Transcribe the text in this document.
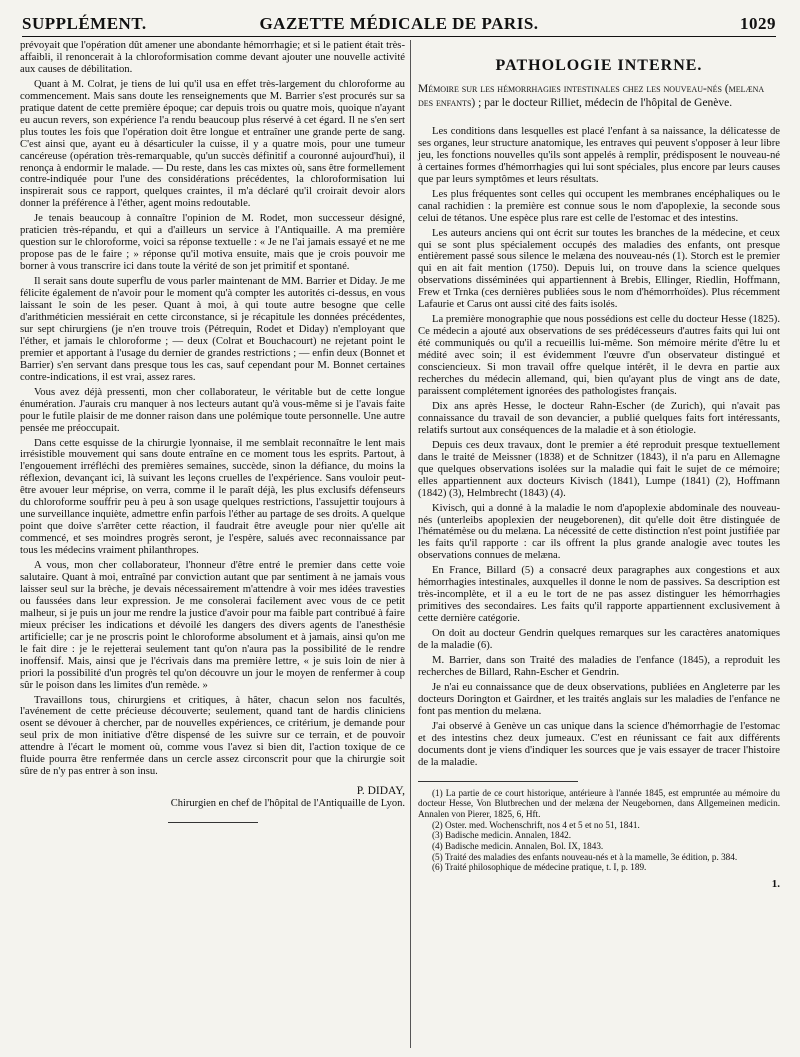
SUPPLÉMENT.	GAZETTE MÉDICALE DE PARIS.	1029

prévoyait que l'opération dût amener une abondante hémorrhagie; et si le patient était très-affaibli, il renoncerait à la chloroformisation comme devant ajouter une nouvelle activité aux causes de débilitation.

Quant à M. Colrat, je tiens de lui qu'il usa en effet très-largement du chloroforme au commencement. Mais sans doute les renseignements que M. Barrier s'est procurés sur sa pratique datent de cette première époque; car depuis trois ou quatre mois, quoique n'ayant eu aucun revers, son expérience l'a rendu beaucoup plus réservé à cet égard. Il ne s'en sert plus toutes les fois que l'opération doit être longue et entraîner une grande perte de sang. C'est ainsi que, ayant eu à désarticuler la cuisse, il y a quatre mois, pour une tumeur cancéreuse (opération très-remarquable, qu'un succès définitif a couronné aujourd'hui), il renonça à endormir le malade. — Du reste, dans les cas mixtes où, sans être formellement contre-indiquée pour l'une des considérations précédentes, la chloroformisation lui inspirerait sous ce rapport, quelques craintes, il m'a déclaré qu'il croirait devoir alors donner la préférence à l'éther, agent moins redoutable.

Je tenais beaucoup à connaître l'opinion de M. Rodet, mon successeur désigné, praticien très-répandu, et qui a d'ailleurs un service à l'Antiquaille. A ma première question sur le chloroforme, voici sa réponse textuelle : « Je ne l'ai jamais essayé et ne me propose pas de le faire ; » réponse qu'il motiva ensuite, mais que je crois pouvoir me borner à vous transcrire ici dans toute la vérité de son jet primitif et spontané.

Il serait sans doute superflu de vous parler maintenant de MM. Barrier et Diday. Je me félicite également de n'avoir pour le moment qu'à compter les autorités ci-dessus, en vous laissant le soin de les peser. Quant à moi, à qui toute autre besogne que celle d'arithméticien messiérait en cette circonstance, si je récapitule les données précédentes, sur sept chirurgiens (je n'en trouve trois (Pétrequin, Rodet et Diday) n'employant que l'éther, et jamais le chloroforme ; — deux (Colrat et Bouchacourt) ne rejetant point le premier et apportant à l'usage du dernier de grandes restrictions ; — enfin deux (Bonnet et Barrier) s'en servant dans presque tous les cas, sauf cependant pour M. Bonnet certaines contre-indications, il est vrai, assez rares.

Vous avez déjà pressenti, mon cher collaborateur, le véritable but de cette longue énumération. J'aurais cru manquer à nos lecteurs autant qu'à vous-même si je l'avais faite pour le futile plaisir de me donner raison dans une polémique toute personnelle. Une autre pensée me préoccupait.

Dans cette esquisse de la chirurgie lyonnaise, il me semblait reconnaître le lent mais irrésistible mouvement qui sans doute entraîne en ce moment tous les esprits. Partout, à l'engouement irréfléchi des premières semaines, succède, sinon la défiance, du moins la réflexion, devançant ici, là suivant les leçons cruelles de l'expérience. Sans vouloir peut-être avouer leur méprise, on verra, comme il le paraît déjà, les plus exclusifs défenseurs du chloroforme souffrir peu à peu à son usage quelques restrictions, l'assujettir toujours à une surveillance inquiète, admettre enfin parfois l'éther au partage de ses droits. A quelque point que doive s'arrêter cette réaction, il faudrait être aveugle pour nier qu'elle ait commencé, et ses moindres progrès seront, je l'espère, salués avec reconnaissance par tous les médecins vraiment philanthropes.

A vous, mon cher collaborateur, l'honneur d'être entré le premier dans cette voie salutaire. Quant à moi, entraîné par conviction autant que par sentiment à ne jamais vous laisser seul sur la brèche, je devais nécessairement m'attendre à voir mes idées travesties ou faussées dans leur expression. Je me consolerai facilement avec vous de ce petit malheur, si je puis un jour me rendre la justice d'avoir pour ma faible part contribué à faire mieux préciser les indications et dévoilé les dangers des divers agents de l'anesthésie artificielle; car je ne proscris point le chloroforme absolument et à jamais, ainsi qu'on me le fait dire : je le rejetterai seulement tant qu'on n'aura pas la possibilité de le rendre inoffensif. Mais, ainsi que je l'écrivais dans ma première lettre, « je suis loin de nier à priori la possibilité d'un progrès tel qu'on découvre un jour le moyen de renfermer à coup sûr le poison dans les limites d'un remède. »

Travaillons tous, chirurgiens et critiques, à hâter, chacun selon nos facultés, l'avénement de cette précieuse découverte; seulement, quand tant de hardis cliniciens osent se dévouer à chercher, par de nouvelles expériences, ce critérium, je demande pour seul prix de mon initiative d'être dispensé de les suivre sur ce terrain, et de pouvoir attendre à l'écart le moment où, comme vous l'avez si bien dit, l'action toxique de ce fluide pourra être renfermée dans un cercle assez circonscrit pour que la chirurgie soit sûre de n'y pas entrer à son insu.

P. DIDAY,
Chirurgien en chef de l'hôpital de l'Antiquaille de Lyon.
PATHOLOGIE INTERNE.

Mémoire sur les hémorrhagies intestinales chez les nouveau-nés (melæna des enfants) ; par le docteur Rilliet, médecin de l'hôpital de Genève.

Les conditions dans lesquelles est placé l'enfant à sa naissance, la délicatesse de ses organes, leur structure anatomique, les entraves qui peuvent s'opposer à leur libre jeu, les fonctions nouvelles qu'ils sont appelés à remplir, prédisposent le nouveau-né à certaines formes d'hémorrhagies qui lui sont spéciales, plus encore par leurs causes que par leurs symptômes et leurs résultats.

Les plus fréquentes sont celles qui occupent les membranes encéphaliques ou le canal rachidien : la première est connue sous le nom d'apoplexie, la seconde sous celui de tétanos. Une espèce plus rare est celle de l'estomac et des intestins.

Les auteurs anciens qui ont écrit sur toutes les branches de la médecine, et ceux qui se sont plus spécialement occupés des maladies des enfants, ont presque entièrement passé sous silence le melæna des nouveau-nés (1). Storch est le premier qui en ait fait mention (1750). Depuis lui, on trouve dans la science quelques observations disséminées qui appartiennent à Brebis, Ellinger, Riedlin, Hoffmann, Frew et Trnka (ces dernières publiées sous le nom d'hémorrhoïdes). Plus récemment Lafaurie et Carus ont aussi cité des faits isolés.

La première monographie que nous possédions est celle du docteur Hesse (1825). Ce médecin a ajouté aux observations de ses prédécesseurs d'autres faits qui lui ont été communiqués ou qu'il a recueillis lui-même. Son mémoire mérite d'être lu et médité avec soin; il est évidemment l'œuvre d'un observateur distingué et consciencieux. Si mon travail offre quelque intérêt, il le devra en partie aux recherches du médecin allemand, qui, bien qu'ayant plus de vingt ans de date, paraissent complétement ignorées des pathologistes français.

Dix ans après Hesse, le docteur Rahn-Escher (de Zurich), qui n'avait pas connaissance du travail de son devancier, a publié quelques faits fort intéressants, relatifs surtout aux conséquences de la maladie et à son étiologie.

Depuis ces deux travaux, dont le premier a été reproduit presque textuellement dans le traité de Meissner (1838) et de Schnitzer (1843), il n'a paru en Allemagne que quelques observations isolées sur la maladie qui fait le sujet de ce mémoire; elles appartiennent aux docteurs Kivisch (1841), Lumpe (1841) (2), Hoffmann (1842) (3), Helmbrecht (1843) (4).

Kivisch, qui a donné à la maladie le nom d'apoplexie abdominale des nouveau-nés (unterleibs apoplexien der neugeborenen), dit qu'elle doit être distinguée de l'hématémèse ou du melæna. La nécessité de cette distinction n'est point justifiée par les faits qu'il rapporte : car ils offrent la plus grande analogie avec toutes les observations connues de melæna.

En France, Billard (5) a consacré deux paragraphes aux congestions et aux hémorrhagies intestinales, auxquelles il donne le nom de passives. Sa description est très-incomplète, et il a eu le tort de ne pas assez distinguer les hémorrhagies primitives des secondaires. Les faits qu'il rapporte appartiennent exclusivement à cette dernière catégorie.

On doit au docteur Gendrin quelques remarques sur les caractères anatomiques de la maladie (6).

M. Barrier, dans son Traité des maladies de l'enfance (1845), a reproduit les recherches de Billard, Rahn-Escher et Gendrin.

Je n'ai eu connaissance que de deux observations, publiées en Angleterre par les docteurs Dorington et Gairdner, et les traités anglais sur les maladies de l'enfance ne font pas mention du melæna.

J'ai observé à Genève un cas unique dans la science d'hémorrhagie de l'estomac et des intestins chez deux jumeaux. C'est en réunissant ce fait aux différents documents dont je viens d'indiquer les sources que je vais essayer de tracer l'histoire de la maladie.

(1) La partie de ce court historique, antérieure à l'année 1845, est empruntée au mémoire du docteur Hesse, Von Blutbrechen und der melæna der Neugebornen, dans Allgemeinen medicin. Annalen von Pierer, 1825, 6, Hft.

(2) Oster. med. Wochenschrift, nos 4 et 5 et no 51, 1841.

(3) Badische medicin. Annalen, 1842.

(4) Badische medicin. Annalen, Bol. IX, 1843.

(5) Traité des maladies des enfants nouveau-nés et à la mamelle, 3e édition, p. 384.

(6) Traité philosophique de médecine pratique, t. I, p. 189.

1.
